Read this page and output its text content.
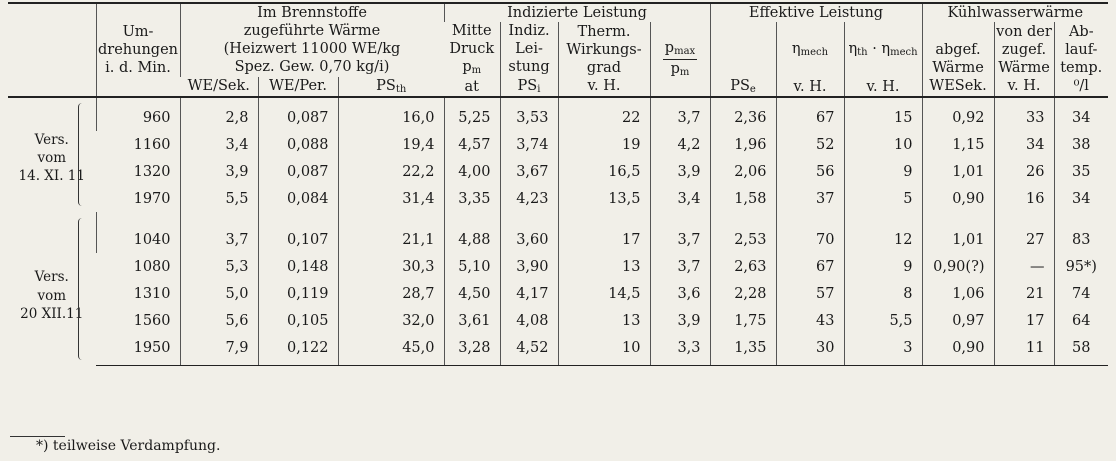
	Um-
drehungen
i. d. Min.	Im Brennstoffe
zugeführte Wärme
(Heizwert 11000 WE/kg
Spez. Gew. 0,70 kg/i)			Indizierte Leistung				Effektive Leistung			Kühlwasserwärme		
					Mitte
Druck
$p_m$
at	Indiz.
Lei-
stung
$PS_i$	Therm.
Wirkungs-
grad
v. H.	$\frac{p_{max}}{p_m}$	$PS_e$	$\eta_{mech}$

v. H.	$\eta_{th} \cdot \eta_{mech}$

v. H.	abgef.
Wärme
WESek.	von der
zugef.
Wärme
v. H.	Ab-
lauf-
temp.
⁰/l
		WE/Sek.	WE/Per.	$PS_{th}$
Vers.
vom
14. XI. 11	960	2,8	0,087	16,0	5,25	3,53	22	3,7	2,36	67	15	0,92	33	34
	1160	3,4	0,088	19,4	4,57	3,74	19	4,2	1,96	52	10	1,15	34	38
	1320	3,9	0,087	22,2	4,00	3,67	16,5	3,9	2,06	56	9	1,01	26	35
	1970	5,5	0,084	31,4	3,35	4,23	13,5	3,4	1,58	37	5	0,90	16	34
Vers.
vom
20 XII.11	1040	3,7	0,107	21,1	4,88	3,60	17	3,7	2,53	70	12	1,01	27	83
	1080	5,3	0,148	30,3	5,10	3,90	13	3,7	2,63	67	9	0,90(?)	—	95*)
	1310	5,0	0,119	28,7	4,50	4,17	14,5	3,6	2,28	57	8	1,06	21	74
	1560	5,6	0,105	32,0	3,61	4,08	13	3,9	1,75	43	5,5	0,97	17	64
	1950	7,9	0,122	45,0	3,28	4,52	10	3,3	1,35	30	3	0,90	11	58
*) teilweise Verdampfung.
